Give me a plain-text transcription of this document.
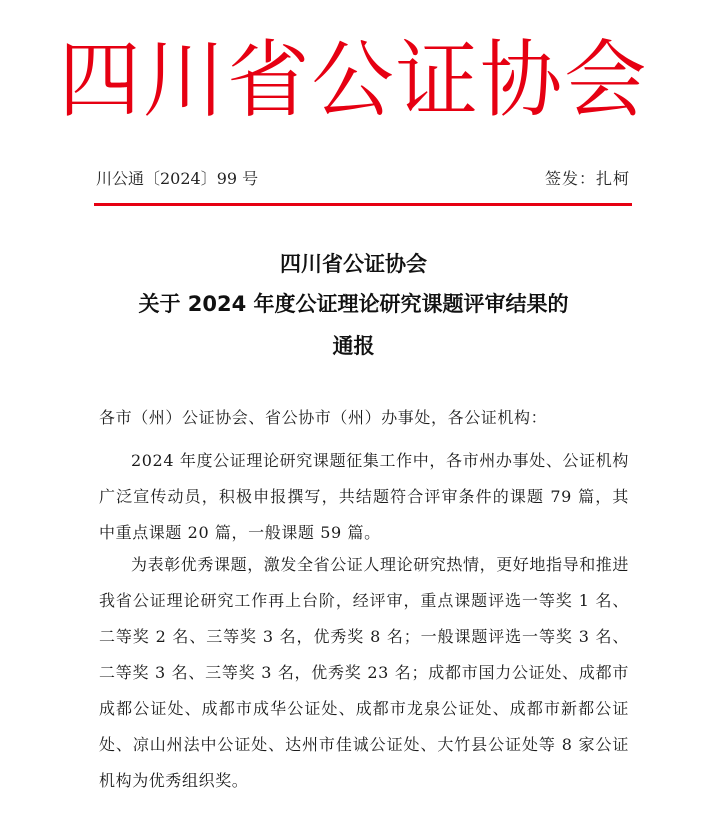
四川省公证协会
川公通〔2024〕99 号	签发：扎柯
四川省公证协会
关于 2024 年度公证理论研究课题评审结果的
通报
各市（州）公证协会、省公协市（州）办事处，各公证机构：

2024 年度公证理论研究课题征集工作中，各市州办事处、公证机构广泛宣传动员，积极申报撰写，共结题符合评审条件的课题 79 篇，其中重点课题 20 篇，一般课题 59 篇。

为表彰优秀课题，激发全省公证人理论研究热情，更好地指导和推进我省公证理论研究工作再上台阶，经评审，重点课题评选一等奖 1 名、二等奖 2 名、三等奖 3 名，优秀奖 8 名；一般课题评选一等奖 3 名、二等奖 3 名、三等奖 3 名，优秀奖 23 名；成都市国力公证处、成都市成都公证处、成都市成华公证处、成都市龙泉公证处、成都市新都公证处、凉山州法中公证处、达州市佳诚公证处、大竹县公证处等 8 家公证机构为优秀组织奖。
